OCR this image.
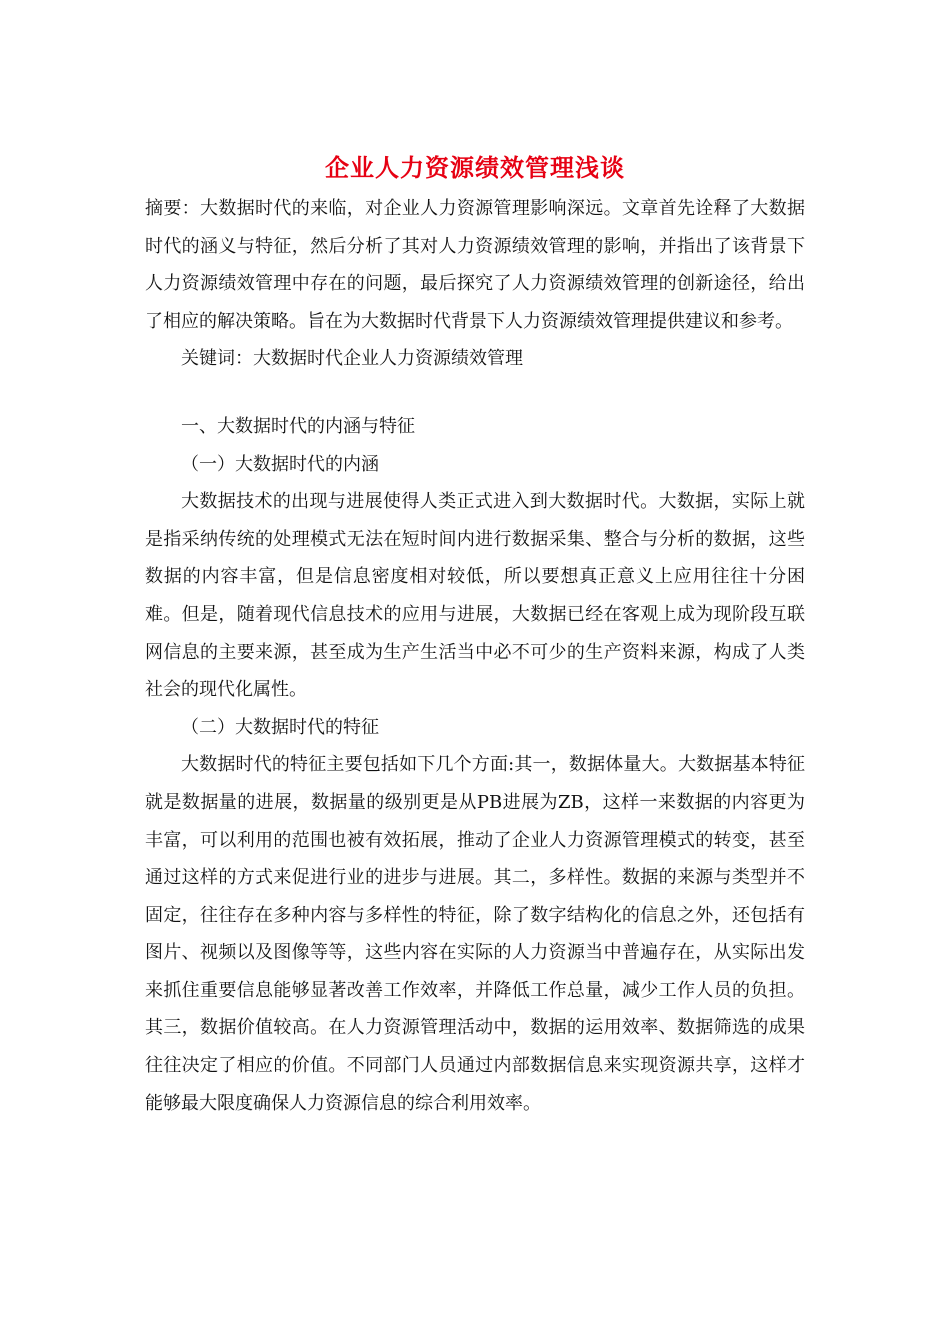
企业人力资源绩效管理浅谈

摘要：大数据时代的来临，对企业人力资源管理影响深远。文章首先诠释了大数据时代的涵义与特征，然后分析了其对人力资源绩效管理的影响，并指出了该背景下人力资源绩效管理中存在的问题，最后探究了人力资源绩效管理的创新途径，给出了相应的解决策略。旨在为大数据时代背景下人力资源绩效管理提供建议和参考。

关键词：大数据时代企业人力资源绩效管理

一、大数据时代的内涵与特征

（一）大数据时代的内涵

大数据技术的出现与进展使得人类正式进入到大数据时代。大数据，实际上就是指采纳传统的处理模式无法在短时间内进行数据采集、整合与分析的数据，这些数据的内容丰富，但是信息密度相对较低，所以要想真正意义上应用往往十分困难。但是，随着现代信息技术的应用与进展，大数据已经在客观上成为现阶段互联网信息的主要来源，甚至成为生产生活当中必不可少的生产资料来源，构成了人类社会的现代化属性。

（二）大数据时代的特征

大数据时代的特征主要包括如下几个方面:其一，数据体量大。大数据基本特征就是数据量的进展，数据量的级别更是从PB进展为ZB，这样一来数据的内容更为丰富，可以利用的范围也被有效拓展，推动了企业人力资源管理模式的转变，甚至通过这样的方式来促进行业的进步与进展。其二，多样性。数据的来源与类型并不固定，往往存在多种内容与多样性的特征，除了数字结构化的信息之外，还包括有图片、视频以及图像等等，这些内容在实际的人力资源当中普遍存在，从实际出发来抓住重要信息能够显著改善工作效率，并降低工作总量，减少工作人员的负担。其三，数据价值较高。在人力资源管理活动中，数据的运用效率、数据筛选的成果往往决定了相应的价值。不同部门人员通过内部数据信息来实现资源共享，这样才能够最大限度确保人力资源信息的综合利用效率。
